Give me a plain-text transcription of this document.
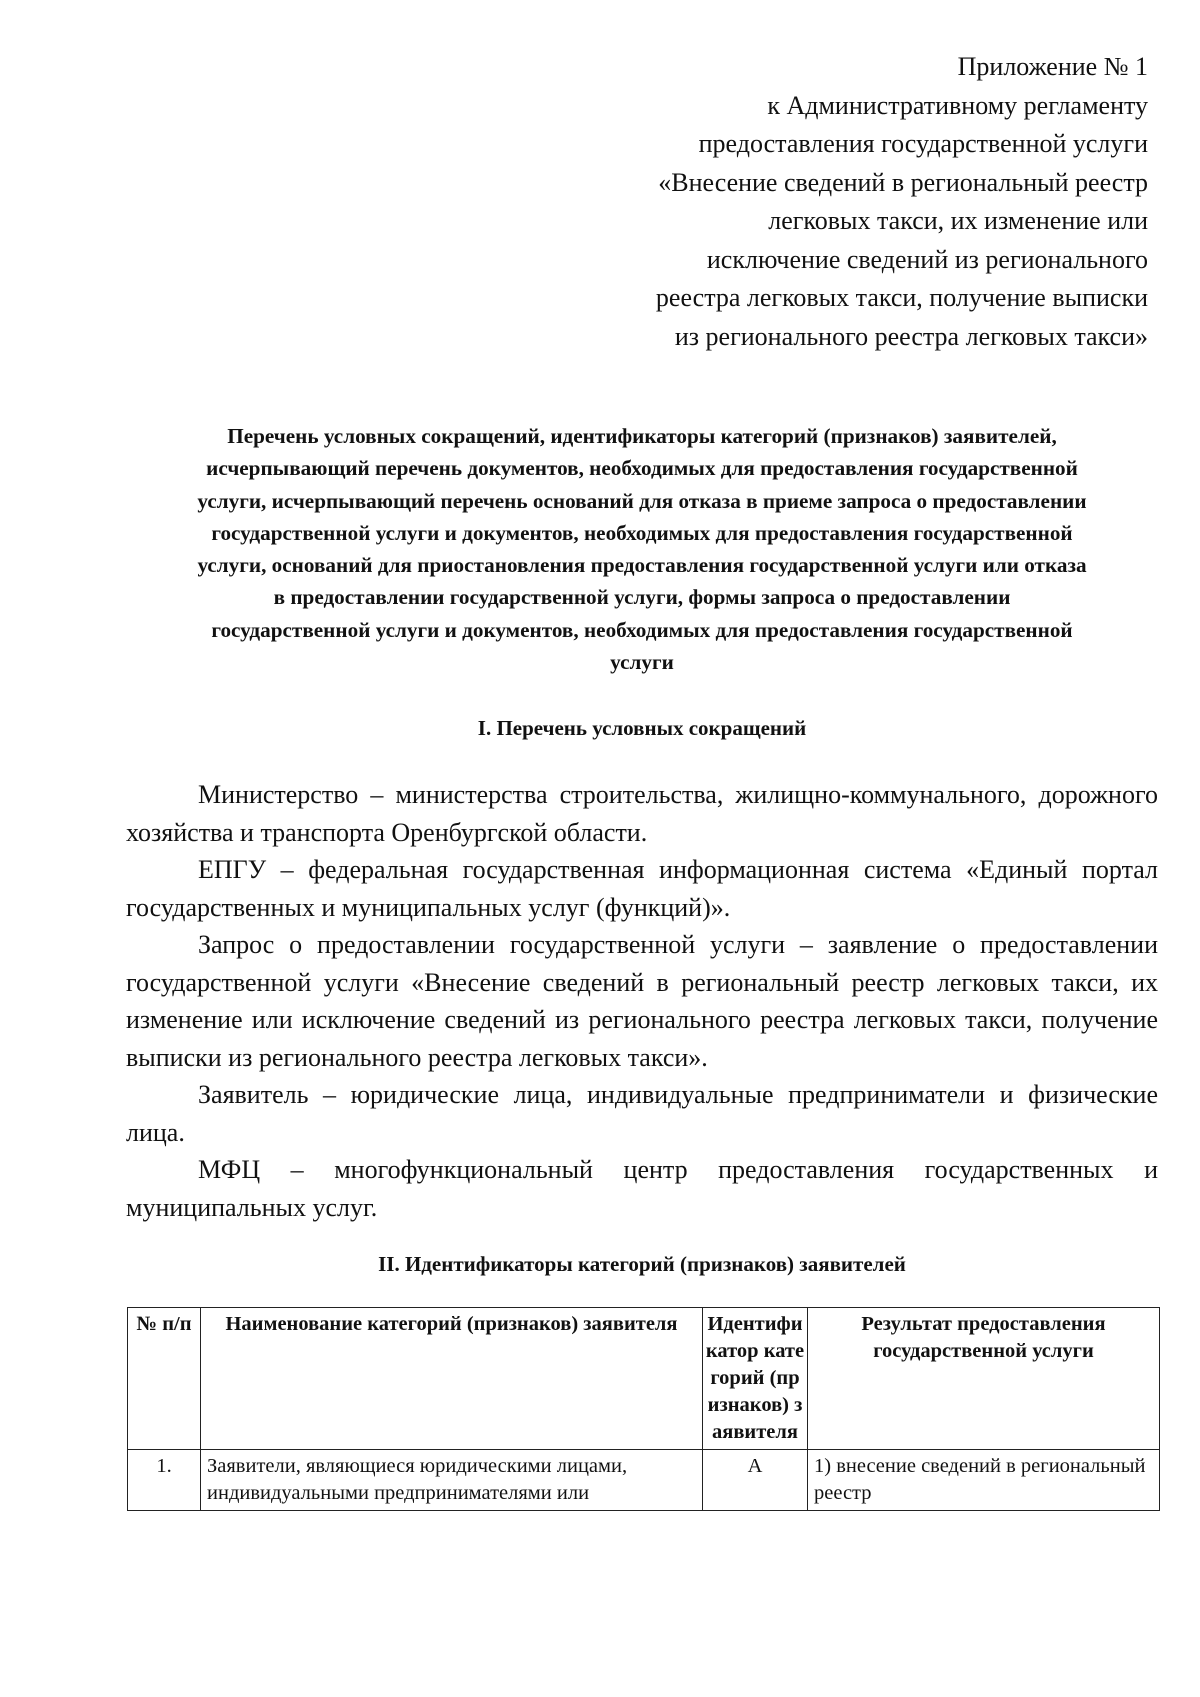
Приложение № 1
к Административному регламенту
предоставления государственной услуги
«Внесение сведений в региональный реестр
легковых такси, их изменение или
исключение сведений из регионального
реестра легковых такси, получение выписки
из регионального реестра легковых такси»
Перечень условных сокращений, идентификаторы категорий (признаков) заявителей,
исчерпывающий перечень документов, необходимых для предоставления государственной
услуги, исчерпывающий перечень оснований для отказа в приеме запроса о предоставлении
государственной услуги и документов, необходимых для предоставления государственной
услуги, оснований для приостановления предоставления государственной услуги или отказа
в предоставлении государственной услуги, формы запроса о предоставлении
государственной услуги и документов, необходимых для предоставления государственной
услуги
I. Перечень условных сокращений

Министерство – министерства строительства, жилищно-коммунального, дорожного хозяйства и транспорта Оренбургской области.

ЕПГУ – федеральная государственная информационная система «Единый портал государственных и муниципальных услуг (функций)».

Запрос о предоставлении государственной услуги – заявление о предоставлении государственной услуги «Внесение сведений в региональный реестр легковых такси, их изменение или исключение сведений из регионального реестра легковых такси, получение выписки из регионального реестра легковых такси».

Заявитель – юридические лица, индивидуальные предприниматели и физические лица.

МФЦ – многофункциональный центр предоставления государственных и муниципальных услуг.

II. Идентификаторы категорий (признаков) заявителей
№ п/п	Наименование категорий (признаков) заявителя	Идентификатор категорий (признаков) заявителя	Результат предоставления государственной услуги
1.	Заявители, являющиеся юридическими лицами, индивидуальными предпринимателями или	А	1) внесение сведений в региональный реестр
